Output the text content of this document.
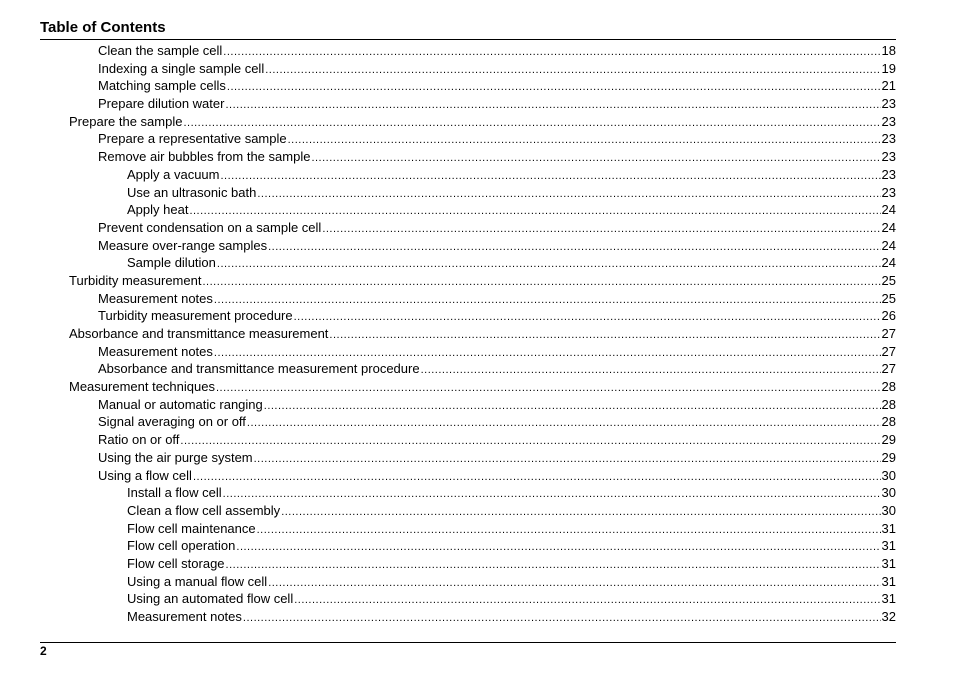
Table of Contents
Clean the sample cell .....	18
Indexing a single sample cell .....	19
Matching sample cells .....	21
Prepare dilution water .....	23
Prepare the sample .....	23
Prepare a representative sample .....	23
Remove air bubbles from the sample .....	23
Apply a vacuum .....	23
Use an ultrasonic bath .....	23
Apply heat .....	24
Prevent condensation on a sample cell .....	24
Measure over-range samples .....	24
Sample dilution .....	24
Turbidity measurement .....	25
Measurement notes .....	25
Turbidity measurement procedure .....	26
Absorbance and transmittance measurement .....	27
Measurement notes .....	27
Absorbance and transmittance measurement procedure .....	27
Measurement techniques .....	28
Manual or automatic ranging .....	28
Signal averaging on or off .....	28
Ratio on or off .....	29
Using the air purge system .....	29
Using a flow cell .....	30
Install a flow cell .....	30
Clean a flow cell assembly .....	30
Flow cell maintenance .....	31
Flow cell operation .....	31
Flow cell storage .....	31
Using a manual flow cell .....	31
Using an automated flow cell .....	31
Measurement notes .....	32
2
